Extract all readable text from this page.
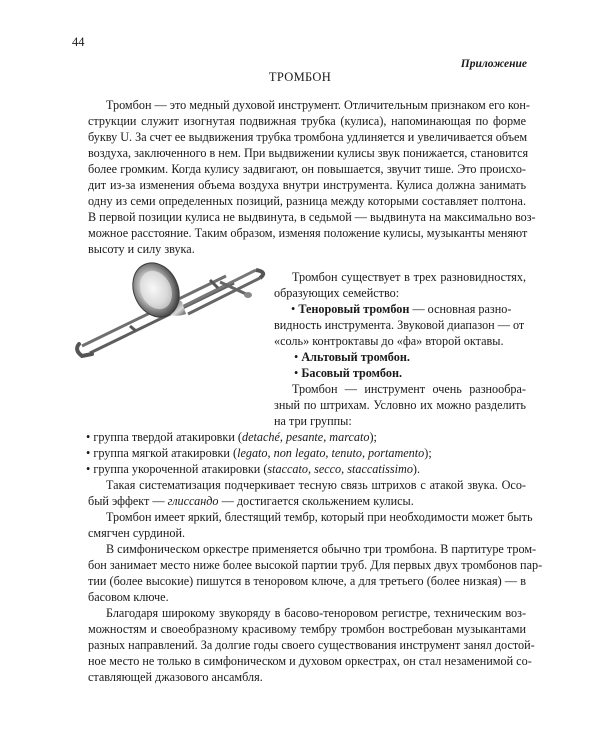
44
Приложение
ТРОМБОН
Тромбон — это медный духовой инструмент. Отличительным признаком его кон-
струкции служит изогнутая подвижная трубка (кулиса), напоминающая по форме
букву U. За счет ее выдвижения трубка тромбона удлиняется и увеличивается объем
воздуха, заключенного в нем. При выдвижении кулисы звук понижается, становится
более громким. Когда кулису задвигают, он повышается, звучит тише. Это происхо-
дит из-за изменения объема воздуха внутри инструмента. Кулиса должна занимать
одну из семи определенных позиций, разница между которыми составляет полтона.
В первой позиции кулиса не выдвинута, в седьмой — выдвинута на максимально воз-
можное расстояние. Таким образом, изменяя положение кулисы, музыканты меняют
высоту и силу звука.
Тромбон существует в трех разновидностях,
образующих семейство:
• Теноровый тромбон — основная разно-
видность инструмента. Звуковой диапазон — от
«соль» контроктавы до «фа» второй октавы.
• Альтовый тромбон.
• Басовый тромбон.
Тромбон — инструмент очень разнообра-
зный по штрихам. Условно их можно разделить
на три группы:
• группа твердой атакировки (detaché, pesante, marcato);
• группа мягкой атакировки (legato, non legato, tenuto, portamento);
• группа укороченной атакировки (staccato, secco, staccatissimo).
Такая систематизация подчеркивает тесную связь штрихов с атакой звука. Осо-
бый эффект — глиссандо — достигается скольжением кулисы.
Тромбон имеет яркий, блестящий тембр, который при необходимости может быть
смягчен сурдиной.
В симфоническом оркестре применяется обычно три тромбона. В партитуре тром-
бон занимает место ниже более высокой партии труб. Для первых двух тромбонов пар-
тии (более высокие) пишутся в теноровом ключе, а для третьего (более низкая) — в
басовом ключе.
Благодаря широкому звукоряду в басово-теноровом регистре, техническим воз-
можностям и своеобразному красивому тембру тромбон востребован музыкантами
разных направлений. За долгие годы своего существования инструмент занял достой-
ное место не только в симфоническом и духовом оркестрах, он стал незаменимой со-
ставляющей джазового ансамбля.
